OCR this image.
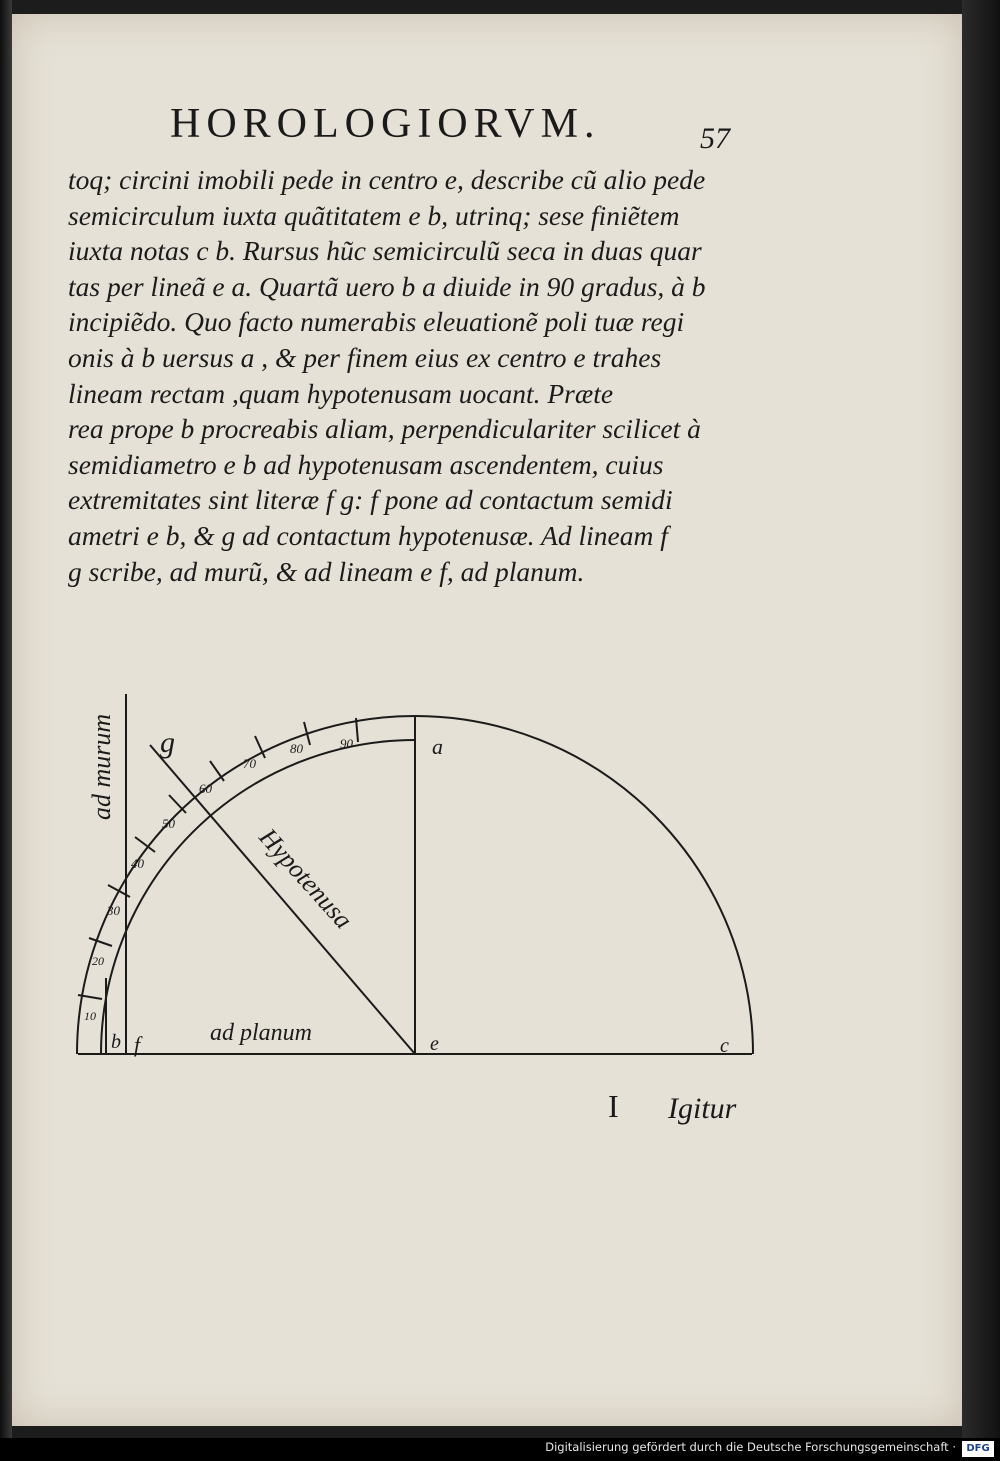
HOROLOGIORVM.	57
toq; circini imobili pede in centro e, describe cũ alio pede
semicirculum iuxta quãtitatem e b, utrinq; sese finiẽtem
iuxta notas c b. Rursus hũc semicirculũ seca in duas quar
tas per lineã e a. Quartã uero b a diuide in 90 gradus, à b
incipiẽdo. Quo facto numerabis eleuationẽ poli tuæ regi
onis à b uersus a , & per finem eius ex centro e trahes
lineam rectam ,quam hypotenusam uocant. Præte
rea prope b procreabis aliam, perpendiculariter scilicet à
semidiametro e b ad hypotenusam ascendentem, cuius
extremitates sint literæ f g: f pone ad contactum semidi
ametri e b, & g ad contactum hypotenusæ. Ad lineam f
g scribe, ad murũ, & ad lineam e f, ad planum.
10
20
30
40
50
60
70
80	90
ad murum
ad planum
Hypotenusa
g	a
e	c
b f
I Igitur
Digitalisierung gefördert durch die Deutsche Forschungsgemeinschaft ·	DFG
